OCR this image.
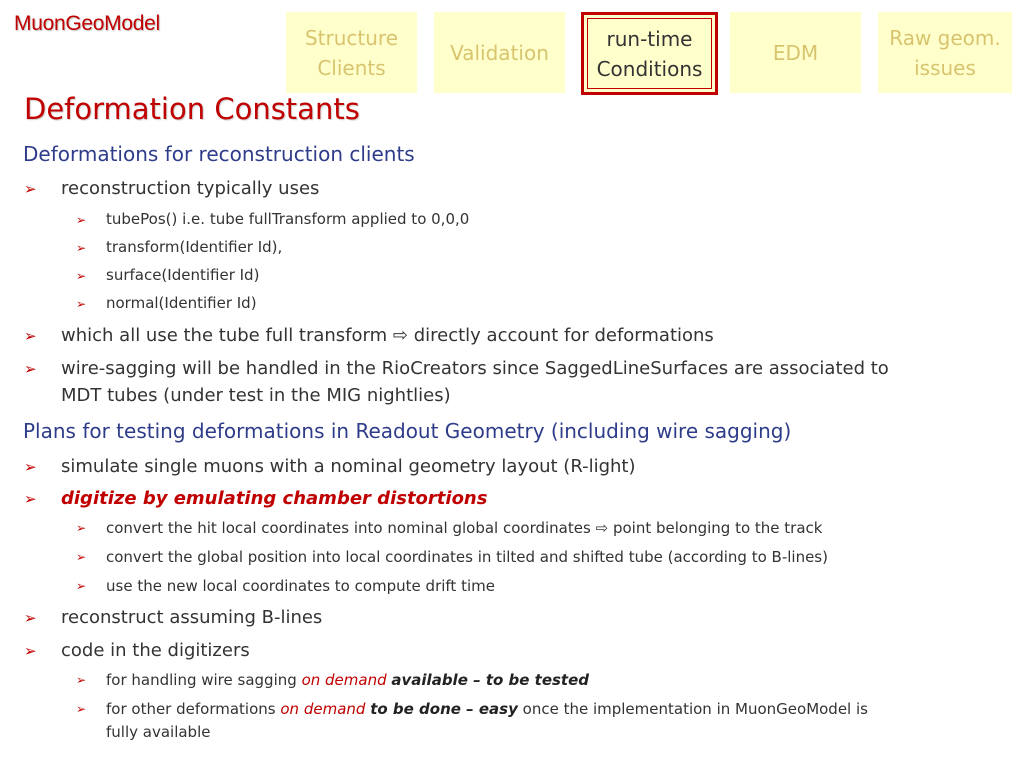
MuonGeoModel
Structure
Clients
Validation
run-time
Conditions
EDM
Raw geom.
issues
Deformation Constants
Deformations for reconstruction clients
➢ reconstruction typically uses
➢ tubePos() i.e. tube fullTransform applied to 0,0,0
➢ transform(Identifier Id),
➢ surface(Identifier Id)
➢ normal(Identifier Id)
➢ which all use the tube full transform ⇨ directly account for deformations
➢ wire-sagging will be handled in the RioCreators since SaggedLineSurfaces are associated to
MDT tubes (under test in the MIG nightlies)
Plans for testing deformations in Readout Geometry (including wire sagging)
➢ simulate single muons with a nominal geometry layout (R-light)
➢ digitize by emulating chamber distortions
➢ convert the hit local coordinates into nominal global coordinates ⇨ point belonging to the track
➢ convert the global position into local coordinates in tilted and shifted tube (according to B-lines)
➢ use the new local coordinates to compute drift time
➢ reconstruct assuming B-lines
➢ code in the digitizers
➢ for handling wire sagging on demand available – to be tested
➢ for other deformations on demand to be done – easy once the implementation in MuonGeoModel is
fully available
